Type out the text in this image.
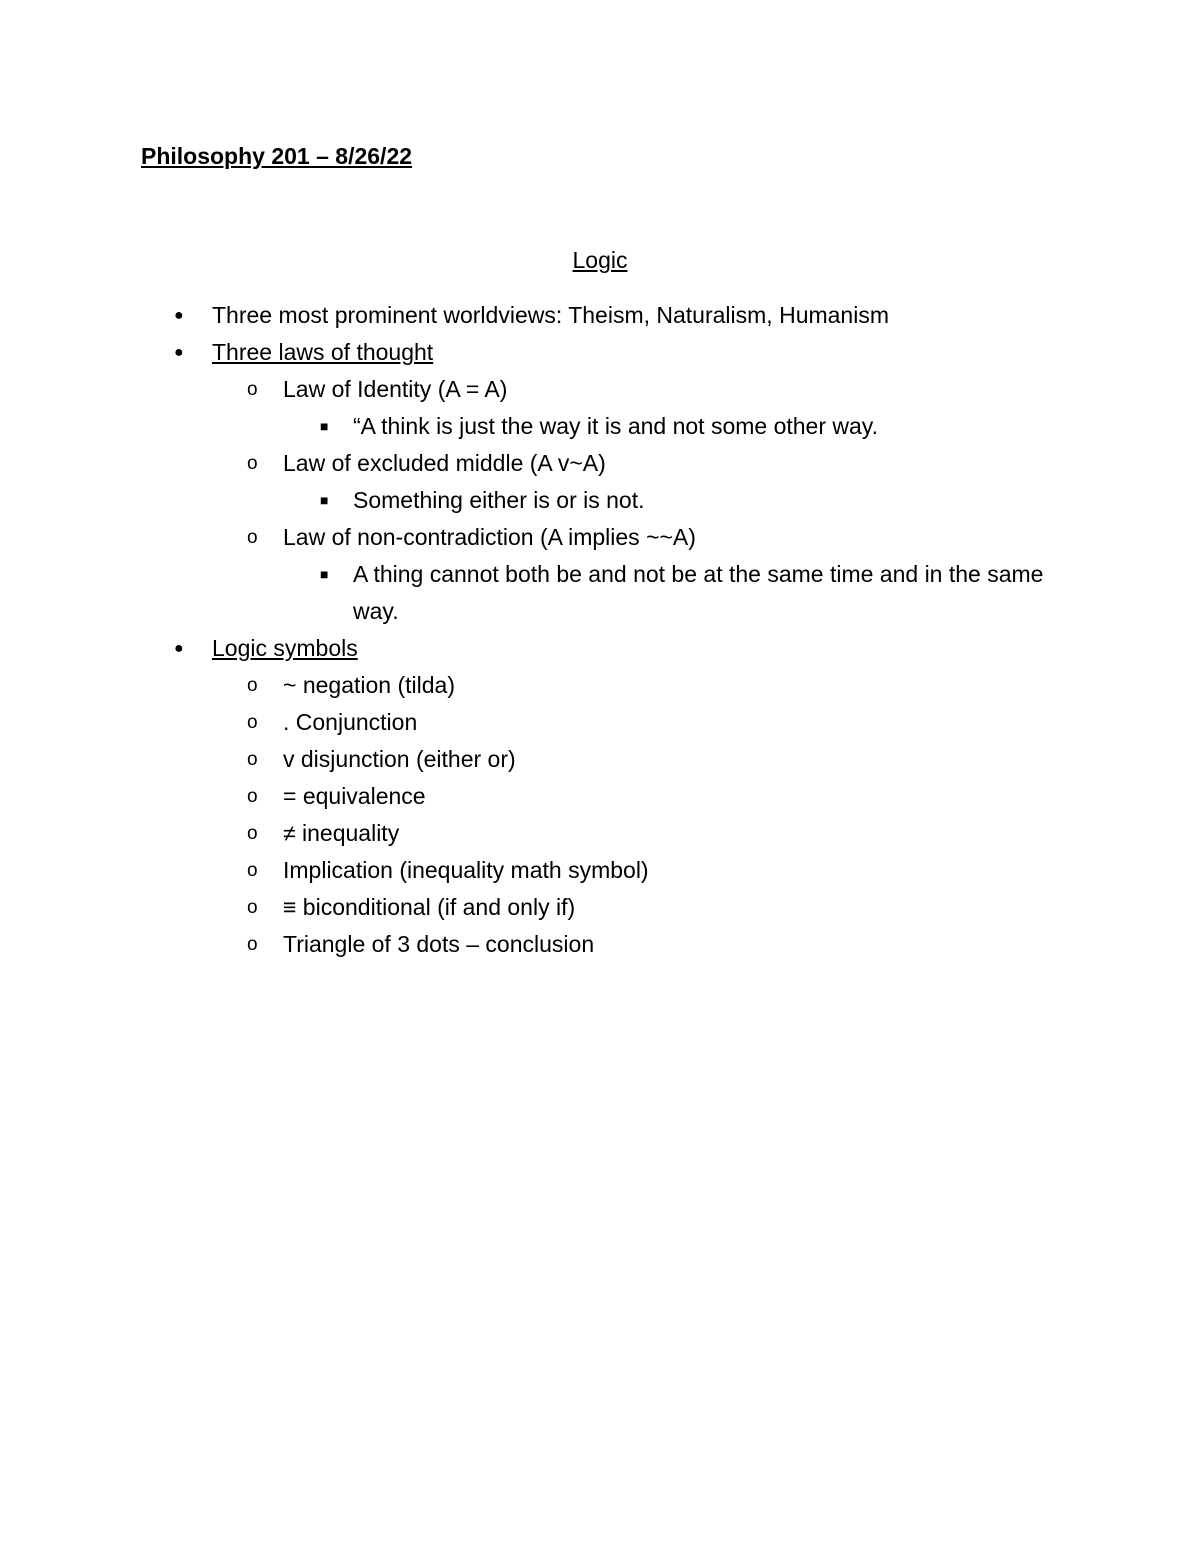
Philosophy 201 – 8/26/22
Logic
● Three most prominent worldviews: Theism, Naturalism, Humanism
● Three laws of thought
o Law of Identity (A = A)
■ “A think is just the way it is and not some other way.
o Law of excluded middle (A v~A)
■ Something either is or is not.
o Law of non-contradiction (A implies ~~A)
■ A thing cannot both be and not be at the same time and in the same way.
● Logic symbols
o ~ negation (tilda)
o . Conjunction
o v disjunction (either or)
o = equivalence
o ≠ inequality
o Implication (inequality math symbol)
o ≡ biconditional (if and only if)
o Triangle of 3 dots – conclusion
